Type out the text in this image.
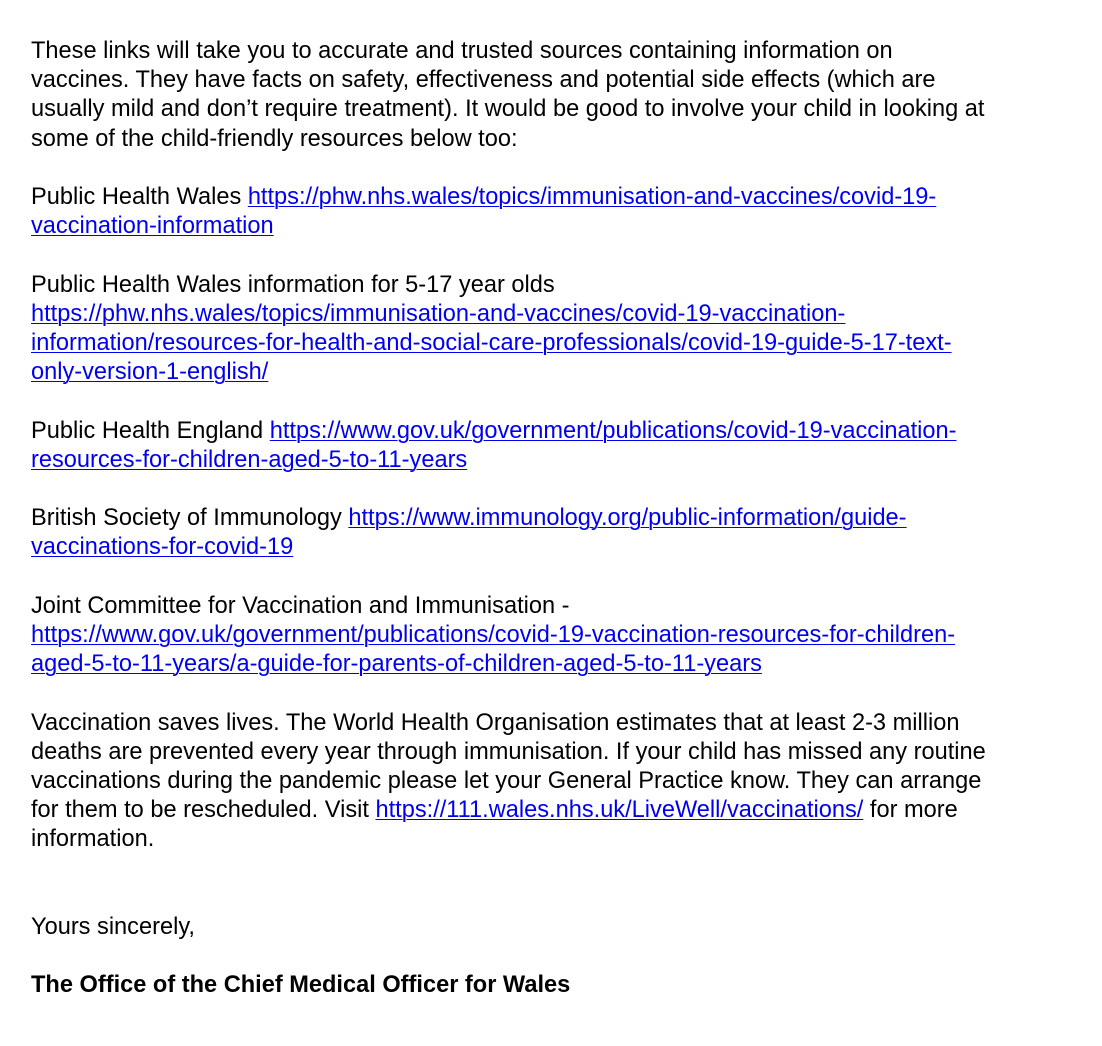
These links will take you to accurate and trusted sources containing information on
vaccines. They have facts on safety, effectiveness and potential side effects (which are
usually mild and don’t require treatment). It would be good to involve your child in looking at
some of the child-friendly resources below too:
Public Health Wales https://phw.nhs.wales/topics/immunisation-and-vaccines/covid-19-
vaccination-information
Public Health Wales information for 5-17 year olds
https://phw.nhs.wales/topics/immunisation-and-vaccines/covid-19-vaccination-
information/resources-for-health-and-social-care-professionals/covid-19-guide-5-17-text-
only-version-1-english/
Public Health England https://www.gov.uk/government/publications/covid-19-vaccination-
resources-for-children-aged-5-to-11-years
British Society of Immunology https://www.immunology.org/public-information/guide-
vaccinations-for-covid-19
Joint Committee for Vaccination and Immunisation -
https://www.gov.uk/government/publications/covid-19-vaccination-resources-for-children-
aged-5-to-11-years/a-guide-for-parents-of-children-aged-5-to-11-years
Vaccination saves lives. The World Health Organisation estimates that at least 2-3 million
deaths are prevented every year through immunisation. If your child has missed any routine
vaccinations during the pandemic please let your General Practice know. They can arrange
for them to be rescheduled. Visit https://111.wales.nhs.uk/LiveWell/vaccinations/ for more
information.
Yours sincerely,
The Office of the Chief Medical Officer for Wales
